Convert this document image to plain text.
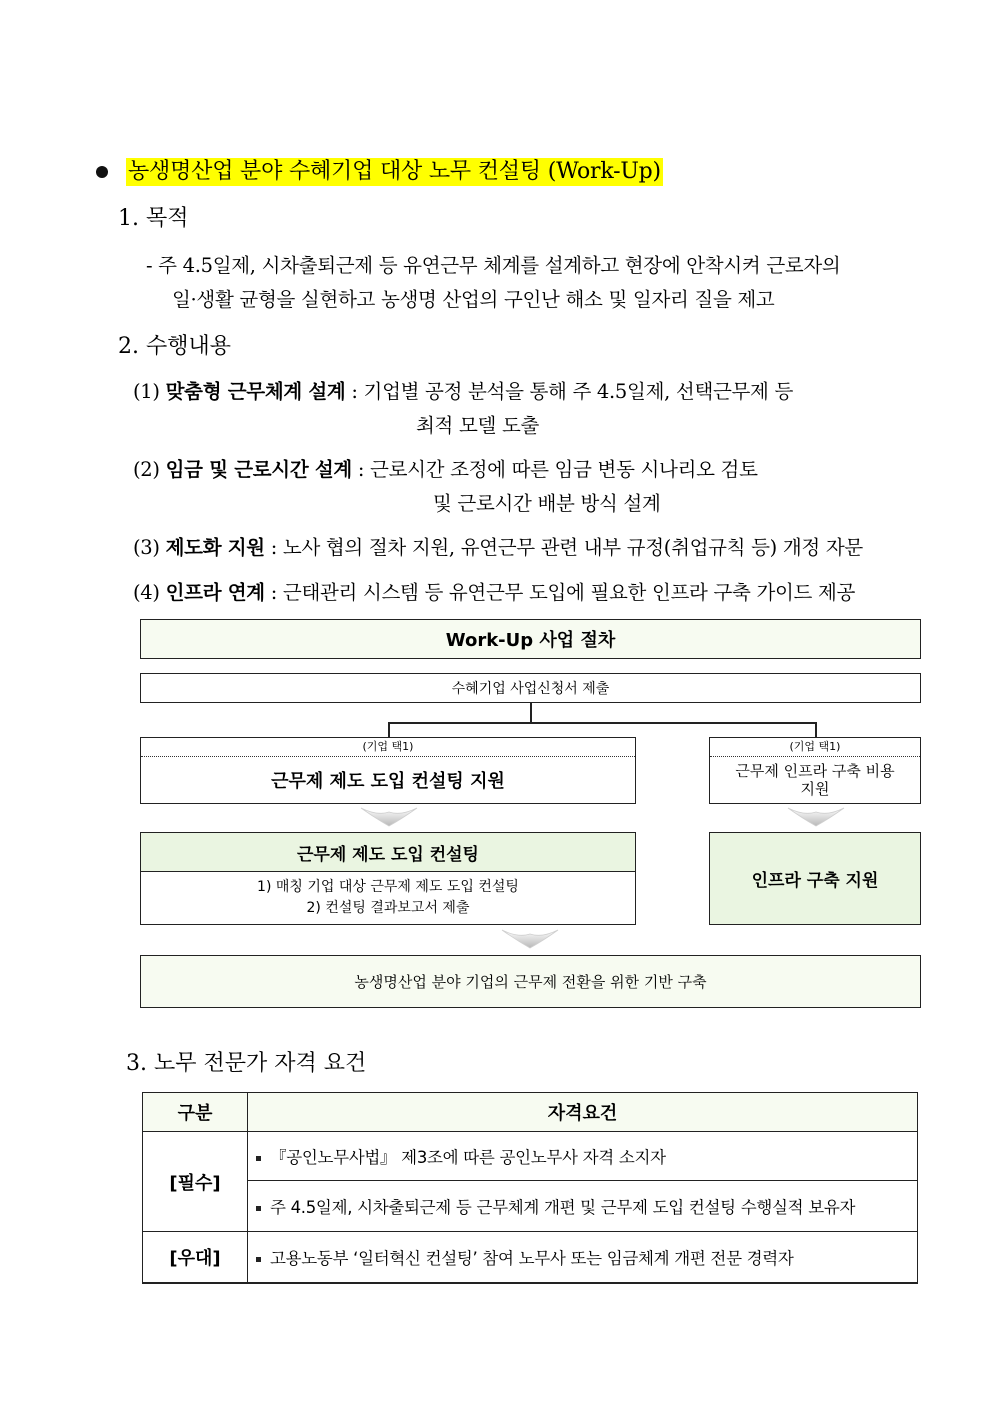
농생명산업 분야 수혜기업 대상 노무 컨설팅 (Work-Up)
1. 목적
- 주 4.5일제, 시차출퇴근제 등 유연근무 체계를 설계하고 현장에 안착시켜 근로자의
일·생활 균형을 실현하고 농생명 산업의 구인난 해소 및 일자리 질을 제고
2. 수행내용
(1) 맞춤형 근무체계 설계 : 기업별 공정 분석을 통해 주 4.5일제, 선택근무제 등
최적 모델 도출
(2) 임금 및 근로시간 설계 : 근로시간 조정에 따른 임금 변동 시나리오 검토
및 근로시간 배분 방식 설계
(3) 제도화 지원 : 노사 협의 절차 지원, 유연근무 관련 내부 규정(취업규칙 등) 개정 자문
(4) 인프라 연계 : 근태관리 시스템 등 유연근무 도입에 필요한 인프라 구축 가이드 제공
Work-Up 사업 절차
수혜기업 사업신청서 제출
(기업 택1)
근무제 제도 도입 컨설팅 지원
(기업 택1)
근무제 인프라 구축 비용
지원
근무제 제도 도입 컨설팅
1) 매칭 기업 대상 근무제 제도 도입 컨설팅
2) 컨설팅 결과보고서 제출
인프라 구축 지원
농생명산업 분야 기업의 근무제 전환을 위한 기반 구축
3. 노무 전문가 자격 요건
구분	자격요건
[필수]	『공인노무사법』 제3조에 따른 공인노무사 자격 소지자
	주 4.5일제, 시차출퇴근제 등 근무체계 개편 및 근무제 도입 컨설팅 수행실적 보유자
[우대]	고용노동부 ‘일터혁신 컨설팅’ 참여 노무사 또는 임금체계 개편 전문 경력자
